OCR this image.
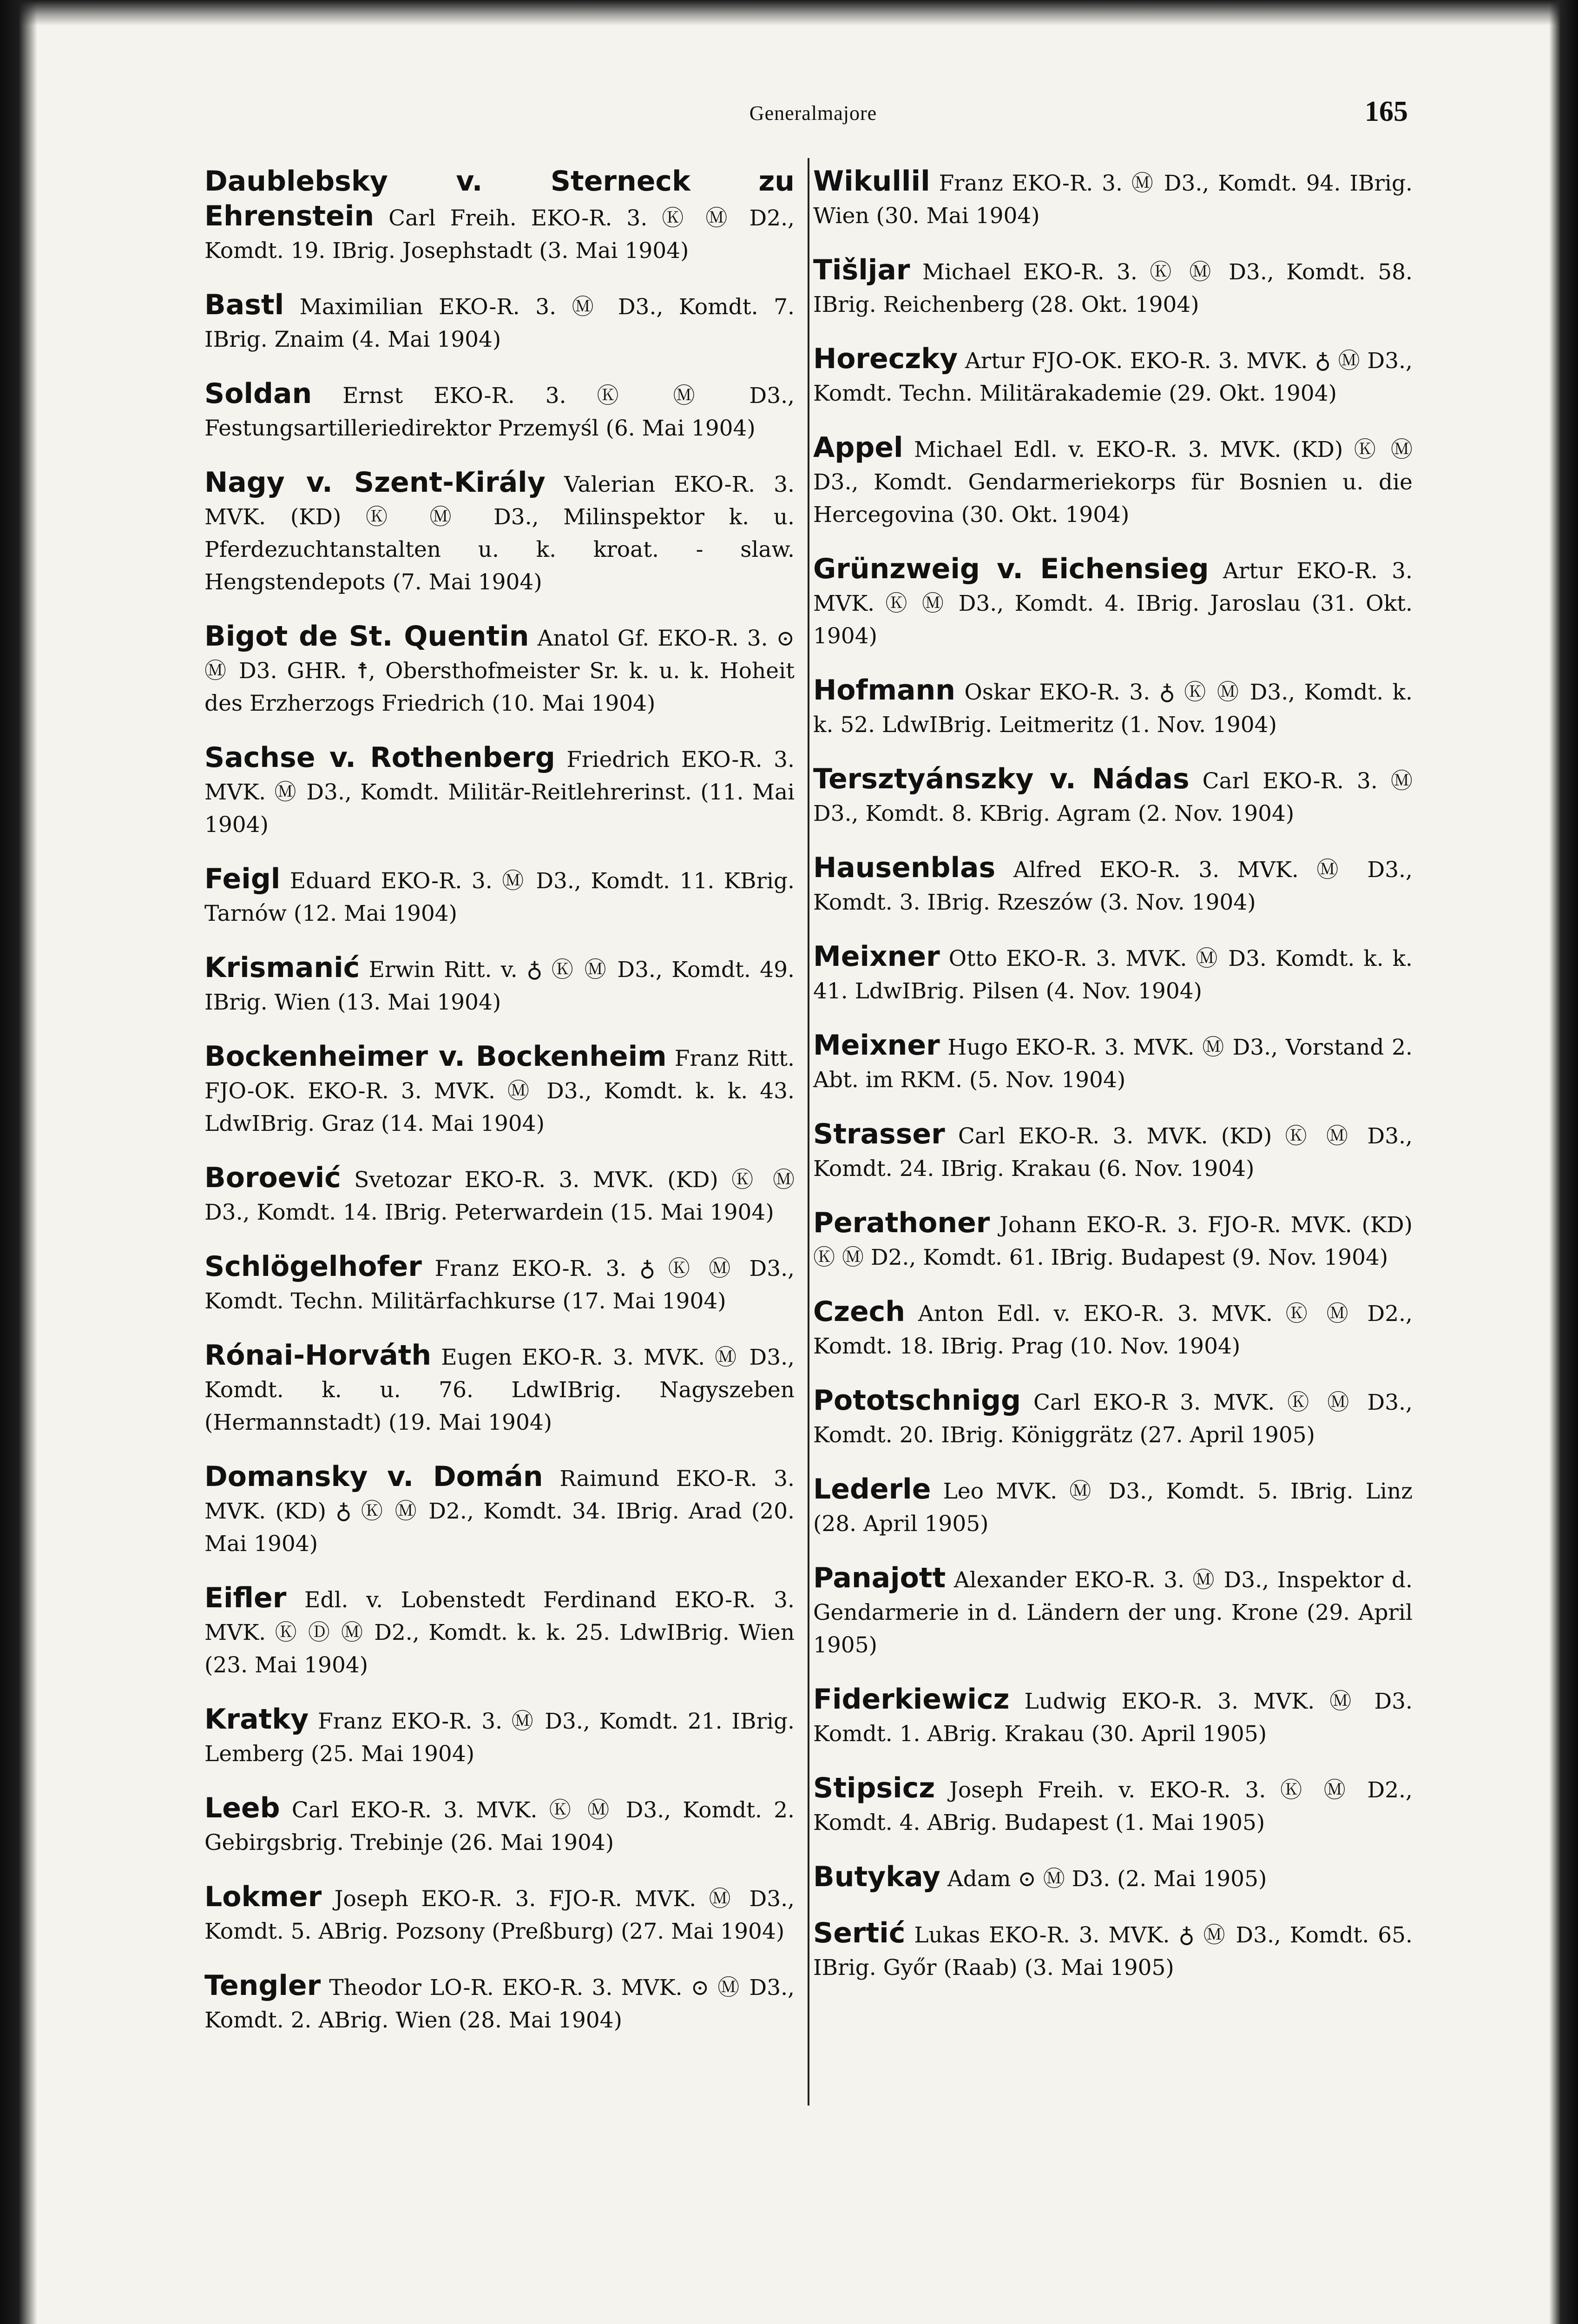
Generalmajore	165
Daublebsky v. Sterneck zu Ehrenstein Carl Freih. EKO-R. 3. Ⓚ Ⓜ D2., Komdt. 19. IBrig. Josephstadt (3. Mai 1904)
Bastl Maximilian EKO-R. 3. Ⓜ D3., Komdt. 7. IBrig. Znaim (4. Mai 1904)
Soldan Ernst EKO-R. 3. Ⓚ Ⓜ D3., Festungsartilleriedirektor Przemyśl (6. Mai 1904)
Nagy v. Szent-Király Valerian EKO-R. 3. MVK. (KD) Ⓚ Ⓜ D3., Milinspektor k. u. Pferdezuchtanstalten u. k. kroat. - slaw. Hengstendepots (7. Mai 1904)
Bigot de St. Quentin Anatol Gf. EKO-R. 3. ⊙ Ⓜ D3. GHR. ☨, Obersthofmeister Sr. k. u. k. Hoheit des Erzherzogs Friedrich (10. Mai 1904)
Sachse v. Rothenberg Friedrich EKO-R. 3. MVK. Ⓜ D3., Komdt. Militär-Reitlehrerinst. (11. Mai 1904)
Feigl Eduard EKO-R. 3. Ⓜ D3., Komdt. 11. KBrig. Tarnów (12. Mai 1904)
Krismanić Erwin Ritt. v. ♁ Ⓚ Ⓜ D3., Komdt. 49. IBrig. Wien (13. Mai 1904)
Bockenheimer v. Bockenheim Franz Ritt. FJO-OK. EKO-R. 3. MVK. Ⓜ D3., Komdt. k. k. 43. LdwIBrig. Graz (14. Mai 1904)
Boroević Svetozar EKO-R. 3. MVK. (KD) Ⓚ Ⓜ D3., Komdt. 14. IBrig. Peterwardein (15. Mai 1904)
Schlögelhofer Franz EKO-R. 3. ♁ Ⓚ Ⓜ D3., Komdt. Techn. Militärfachkurse (17. Mai 1904)
Rónai-Horváth Eugen EKO-R. 3. MVK. Ⓜ D3., Komdt. k. u. 76. LdwIBrig. Nagyszeben (Hermannstadt) (19. Mai 1904)
Domansky v. Domán Raimund EKO-R. 3. MVK. (KD) ♁ Ⓚ Ⓜ D2., Komdt. 34. IBrig. Arad (20. Mai 1904)
Eifler Edl. v. Lobenstedt Ferdinand EKO-R. 3. MVK. Ⓚ Ⓓ Ⓜ D2., Komdt. k. k. 25. LdwIBrig. Wien (23. Mai 1904)
Kratky Franz EKO-R. 3. Ⓜ D3., Komdt. 21. IBrig. Lemberg (25. Mai 1904)
Leeb Carl EKO-R. 3. MVK. Ⓚ Ⓜ D3., Komdt. 2. Gebirgsbrig. Trebinje (26. Mai 1904)
Lokmer Joseph EKO-R. 3. FJO-R. MVK. Ⓜ D3., Komdt. 5. ABrig. Pozsony (Preßburg) (27. Mai 1904)
Tengler Theodor LO-R. EKO-R. 3. MVK. ⊙ Ⓜ D3., Komdt. 2. ABrig. Wien (28. Mai 1904)
Wikullil Franz EKO-R. 3. Ⓜ D3., Komdt. 94. IBrig. Wien (30. Mai 1904)
Tišljar Michael EKO-R. 3. Ⓚ Ⓜ D3., Komdt. 58. IBrig. Reichenberg (28. Okt. 1904)
Horeczky Artur FJO-OK. EKO-R. 3. MVK. ♁ Ⓜ D3., Komdt. Techn. Militärakademie (29. Okt. 1904)
Appel Michael Edl. v. EKO-R. 3. MVK. (KD) Ⓚ Ⓜ D3., Komdt. Gendarmeriekorps für Bosnien u. die Hercegovina (30. Okt. 1904)
Grünzweig v. Eichensieg Artur EKO-R. 3. MVK. Ⓚ Ⓜ D3., Komdt. 4. IBrig. Jaroslau (31. Okt. 1904)
Hofmann Oskar EKO-R. 3. ♁ Ⓚ Ⓜ D3., Komdt. k. k. 52. LdwIBrig. Leitmeritz (1. Nov. 1904)
Tersztyánszky v. Nádas Carl EKO-R. 3. Ⓜ D3., Komdt. 8. KBrig. Agram (2. Nov. 1904)
Hausenblas Alfred EKO-R. 3. MVK. Ⓜ D3., Komdt. 3. IBrig. Rzeszów (3. Nov. 1904)
Meixner Otto EKO-R. 3. MVK. Ⓜ D3. Komdt. k. k. 41. LdwIBrig. Pilsen (4. Nov. 1904)
Meixner Hugo EKO-R. 3. MVK. Ⓜ D3., Vorstand 2. Abt. im RKM. (5. Nov. 1904)
Strasser Carl EKO-R. 3. MVK. (KD) Ⓚ Ⓜ D3., Komdt. 24. IBrig. Krakau (6. Nov. 1904)
Perathoner Johann EKO-R. 3. FJO-R. MVK. (KD) Ⓚ Ⓜ D2., Komdt. 61. IBrig. Budapest (9. Nov. 1904)
Czech Anton Edl. v. EKO-R. 3. MVK. Ⓚ Ⓜ D2., Komdt. 18. IBrig. Prag (10. Nov. 1904)
Pototschnigg Carl EKO-R 3. MVK. Ⓚ Ⓜ D3., Komdt. 20. IBrig. Königgrätz (27. April 1905)
Lederle Leo MVK. Ⓜ D3., Komdt. 5. IBrig. Linz (28. April 1905)
Panajott Alexander EKO-R. 3. Ⓜ D3., Inspektor d. Gendarmerie in d. Ländern der ung. Krone (29. April 1905)
Fiderkiewicz Ludwig EKO-R. 3. MVK. Ⓜ D3. Komdt. 1. ABrig. Krakau (30. April 1905)
Stipsicz Joseph Freih. v. EKO-R. 3. Ⓚ Ⓜ D2., Komdt. 4. ABrig. Budapest (1. Mai 1905)
Butykay Adam ⊙ Ⓜ D3. (2. Mai 1905)
Sertić Lukas EKO-R. 3. MVK. ♁ Ⓜ D3., Komdt. 65. IBrig. Győr (Raab) (3. Mai 1905)
